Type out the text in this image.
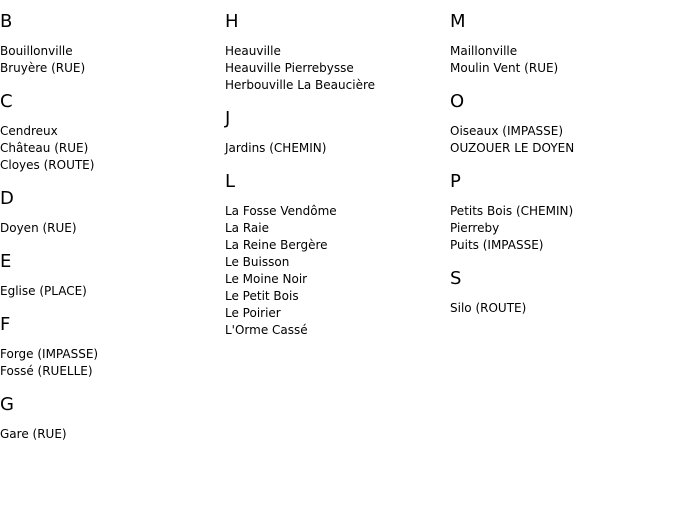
B
Bouillonville
Bruyère (RUE)
C
Cendreux
Château (RUE)
Cloyes (ROUTE)
D
Doyen (RUE)
E
Eglise (PLACE)
F
Forge (IMPASSE)
Fossé (RUELLE)
G
Gare (RUE)
H
Heauville
Heauville Pierrebysse
Herbouville La Beaucière
J
Jardins (CHEMIN)
L
La Fosse Vendôme
La Raie
La Reine Bergère
Le Buisson
Le Moine Noir
Le Petit Bois
Le Poirier
L'Orme Cassé
M
Maillonville
Moulin Vent (RUE)
O
Oiseaux (IMPASSE)
OUZOUER LE DOYEN
P
Petits Bois (CHEMIN)
Pierreby
Puits (IMPASSE)
S
Silo (ROUTE)
